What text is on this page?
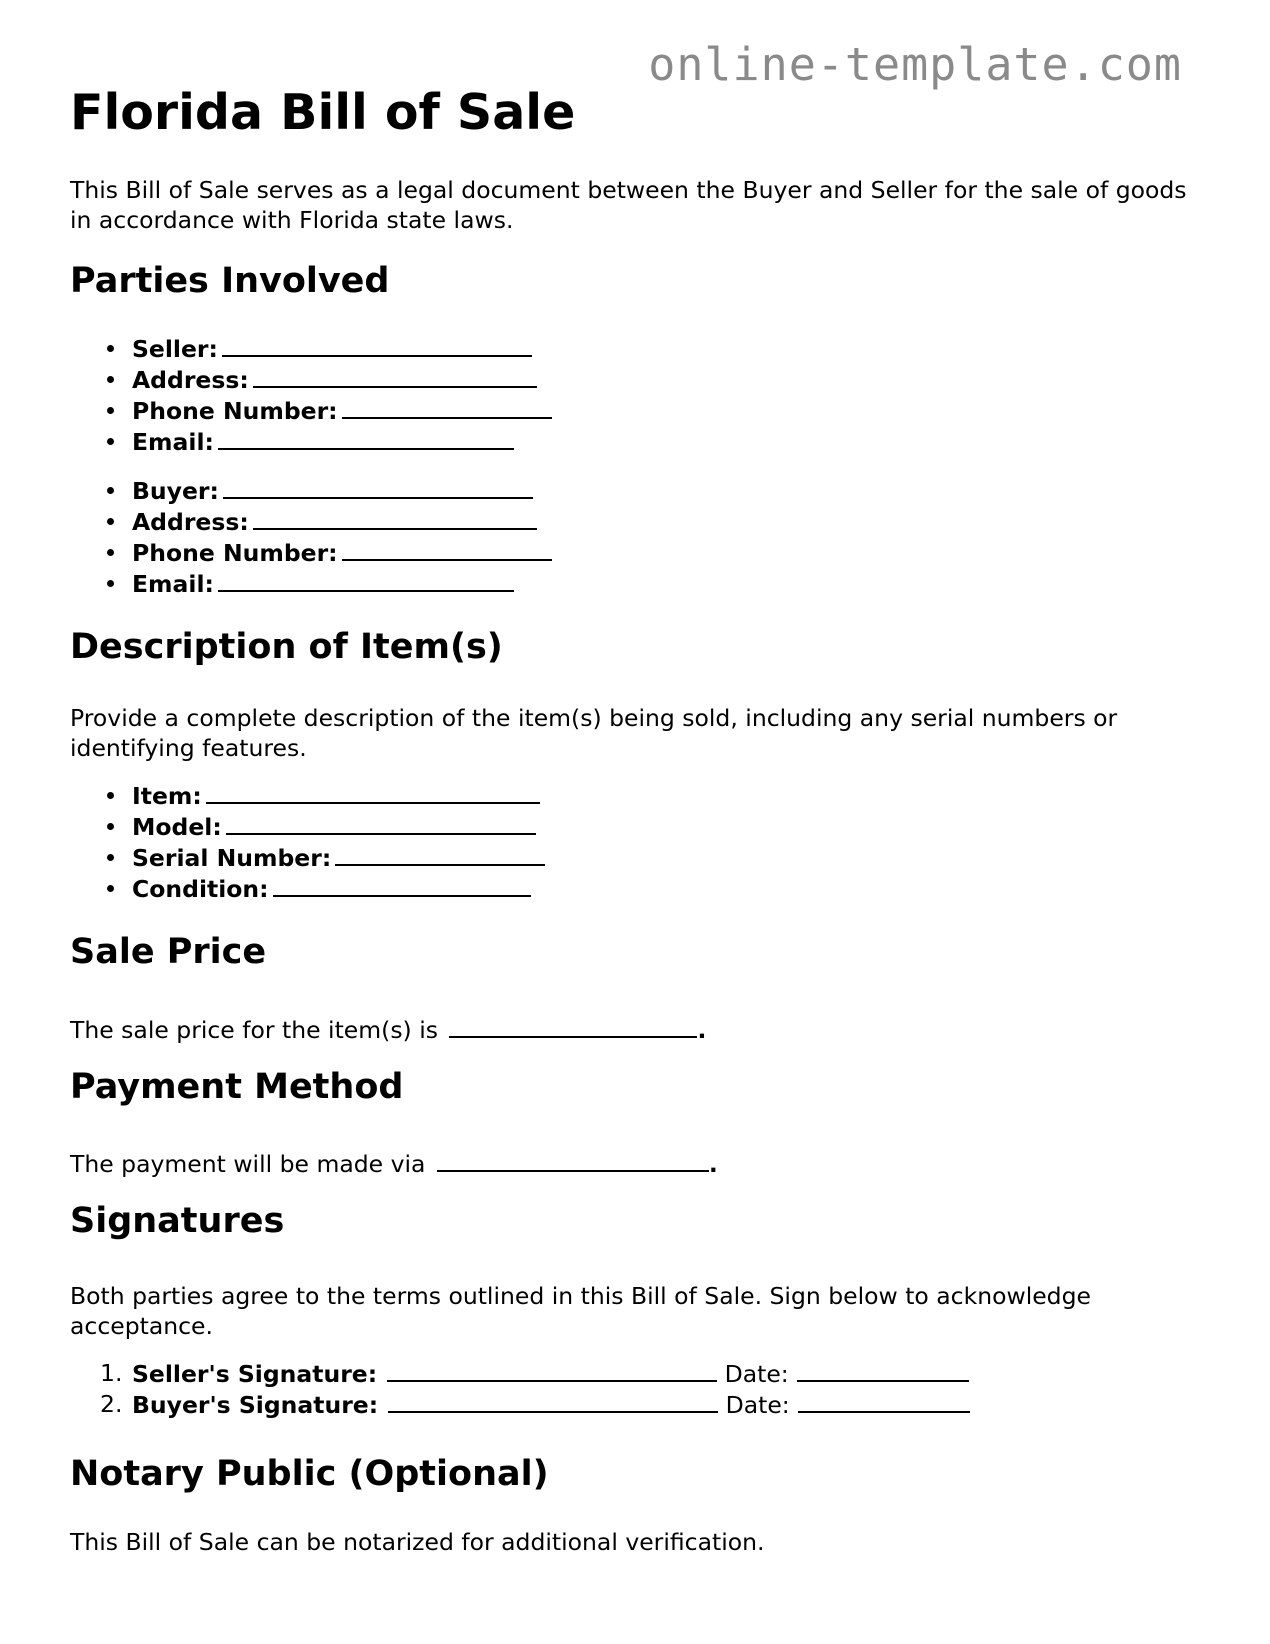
online-template.com
Florida Bill of Sale

This Bill of Sale serves as a legal document between the Buyer and Seller for the sale of goods in accordance with Florida state laws.

Parties Involved
Seller:
Address:
Phone Number:
Email:
Buyer:
Address:
Phone Number:
Email:
Description of Item(s)

Provide a complete description of the item(s) being sold, including any serial numbers or identifying features.

Item:
Model:
Serial Number:
Condition:
Sale Price

The sale price for the item(s) is	.

Payment Method

The payment will be made via	.

Signatures

Both parties agree to the terms outlined in this Bill of Sale. Sign below to acknowledge acceptance.

1. Seller's Signature:	Date:
2. Buyer's Signature:	Date:
Notary Public (Optional)

This Bill of Sale can be notarized for additional verification.
